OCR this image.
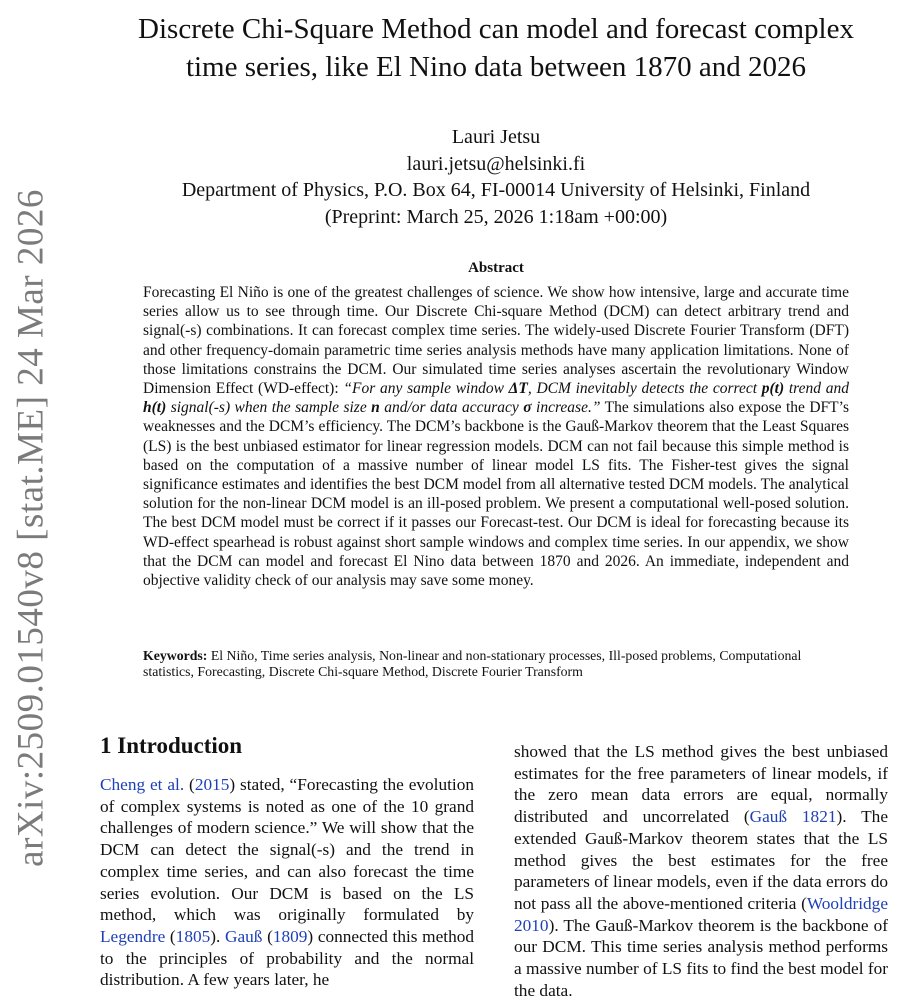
arXiv:2509.01540v8 [stat.ME] 24 Mar 2026
Discrete Chi-Square Method can model and forecast complex
time series, like El Nino data between 1870 and 2026
Lauri Jetsu
lauri.jetsu@helsinki.fi
Department of Physics, P.O. Box 64, FI-00014 University of Helsinki, Finland
(Preprint: March 25, 2026 1:18am +00:00)
Abstract
Forecasting El Niño is one of the greatest challenges of science. We show how intensive, large and accurate time series allow us to see through time. Our Discrete Chi-square Method (DCM) can detect arbitrary trend and signal(-s) combinations. It can forecast complex time series. The widely-used Discrete Fourier Transform (DFT) and other frequency-domain parametric time series analysis methods have many application limitations. None of those limitations constrains the DCM. Our simulated time series analyses ascertain the revolutionary Window Dimension Effect (WD-effect): “For any sample window ΔT, DCM inevitably detects the correct p(t) trend and h(t) signal(-s) when the sample size n and/or data accuracy σ increase.” The simulations also expose the DFT’s weaknesses and the DCM’s efficiency. The DCM’s backbone is the Gauß-Markov theorem that the Least Squares (LS) is the best unbiased estimator for linear regression models. DCM can not fail because this simple method is based on the computation of a massive number of linear model LS fits. The Fisher-test gives the signal significance estimates and identifies the best DCM model from all alternative tested DCM models. The analytical solution for the non-linear DCM model is an ill-posed problem. We present a computational well-posed solution. The best DCM model must be correct if it passes our Forecast-test. Our DCM is ideal for forecasting because its WD-effect spearhead is robust against short sample windows and complex time series. In our appendix, we show that the DCM can model and forecast El Nino data between 1870 and 2026. An immediate, independent and objective validity check of our analysis may save some money.
Keywords: El Niño, Time series analysis, Non-linear and non-stationary processes, Ill-posed problems, Computational statistics, Forecasting, Discrete Chi-square Method, Discrete Fourier Transform
1 Introduction
Cheng et al. (2015) stated, “Forecasting the evolution of complex systems is noted as one of the 10 grand challenges of modern science.” We will show that the DCM can detect the signal(-s) and the trend in complex time series, and can also forecast the time series evolution. Our DCM is based on the LS method, which was originally formulated by Legendre (1805). Gauß (1809) connected this method to the principles of probability and the normal distribution. A few years later, he
showed that the LS method gives the best unbiased estimates for the free parameters of linear models, if the zero mean data errors are equal, normally distributed and uncorrelated (Gauß 1821). The extended Gauß-Markov theorem states that the LS method gives the best estimates for the free parameters of linear models, even if the data errors do not pass all the above-mentioned criteria (Wooldridge 2010). The Gauß-Markov theorem is the backbone of our DCM. This time series analysis method performs a massive number of LS fits to find the best model for the data.
